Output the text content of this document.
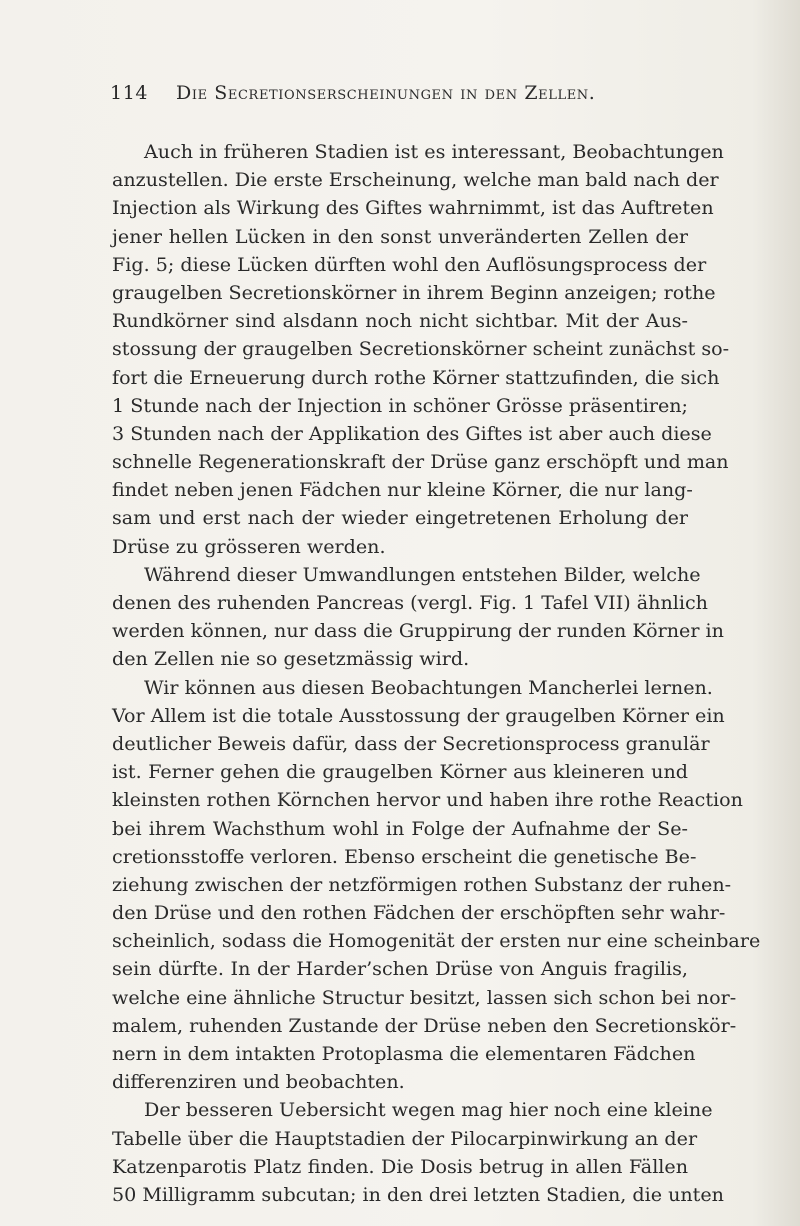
114 Die Secretionserscheinungen in den Zellen.
Auch in früheren Stadien ist es interessant, Beobachtungen
anzustellen. Die erste Erscheinung, welche man bald nach der
Injection als Wirkung des Giftes wahrnimmt, ist das Auftreten
jener hellen Lücken in den sonst unveränderten Zellen der
Fig. 5; diese Lücken dürften wohl den Auflösungsprocess der
graugelben Secretionskörner in ihrem Beginn anzeigen; rothe
Rundkörner sind alsdann noch nicht sichtbar. Mit der Aus-
stossung der graugelben Secretionskörner scheint zunächst so-
fort die Erneuerung durch rothe Körner stattzufinden, die sich
1 Stunde nach der Injection in schöner Grösse präsentiren;
3 Stunden nach der Applikation des Giftes ist aber auch diese
schnelle Regenerationskraft der Drüse ganz erschöpft und man
findet neben jenen Fädchen nur kleine Körner, die nur lang-
sam und erst nach der wieder eingetretenen Erholung der
Drüse zu grösseren werden.
Während dieser Umwandlungen entstehen Bilder, welche
denen des ruhenden Pancreas (vergl. Fig. 1 Tafel VII) ähnlich
werden können, nur dass die Gruppirung der runden Körner in
den Zellen nie so gesetzmässig wird.
Wir können aus diesen Beobachtungen Mancherlei lernen.
Vor Allem ist die totale Ausstossung der graugelben Körner ein
deutlicher Beweis dafür, dass der Secretionsprocess granulär
ist. Ferner gehen die graugelben Körner aus kleineren und
kleinsten rothen Körnchen hervor und haben ihre rothe Reaction
bei ihrem Wachsthum wohl in Folge der Aufnahme der Se-
cretionsstoffe verloren. Ebenso erscheint die genetische Be-
ziehung zwischen der netzförmigen rothen Substanz der ruhen-
den Drüse und den rothen Fädchen der erschöpften sehr wahr-
scheinlich, sodass die Homogenität der ersten nur eine scheinbare
sein dürfte. In der Harder’schen Drüse von Anguis fragilis,
welche eine ähnliche Structur besitzt, lassen sich schon bei nor-
malem, ruhenden Zustande der Drüse neben den Secretionskör-
nern in dem intakten Protoplasma die elementaren Fädchen
differenziren und beobachten.
Der besseren Uebersicht wegen mag hier noch eine kleine
Tabelle über die Hauptstadien der Pilocarpinwirkung an der
Katzenparotis Platz finden. Die Dosis betrug in allen Fällen
50 Milligramm subcutan; in den drei letzten Stadien, die unten
